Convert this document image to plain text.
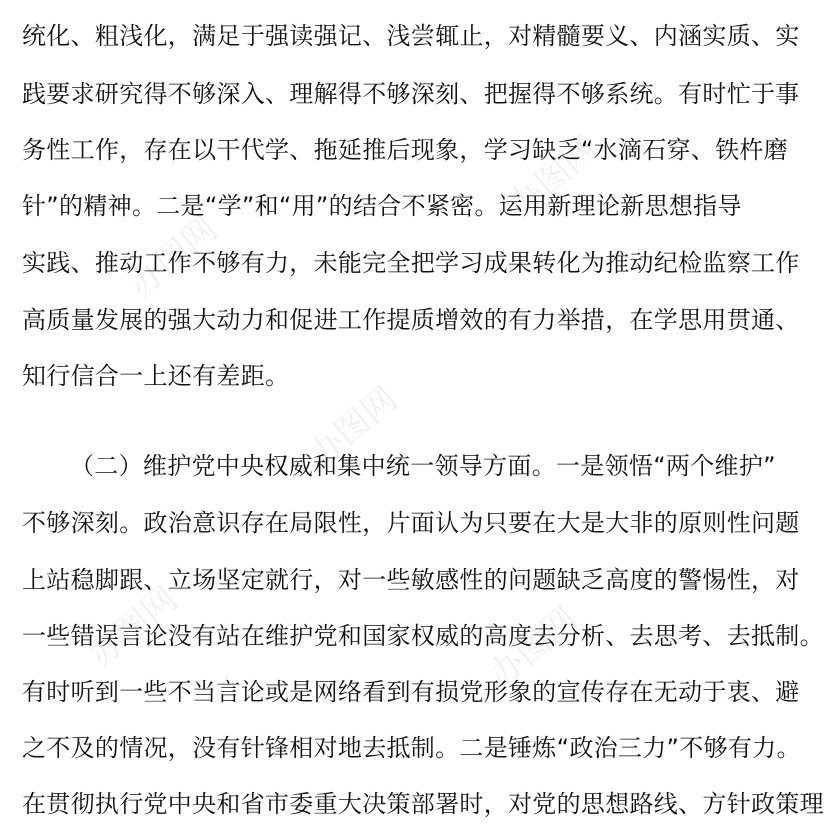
办图网
办图网
办图网
办图网	办图网
统化、粗浅化，满足于强读强记、浅尝辄止，对精髓要义、内涵实质、实
践要求研究得不够深入、理解得不够深刻、把握得不够系统。有时忙于事
务性工作，存在以干代学、拖延推后现象，学习缺乏“水滴石穿、铁杵磨
针”的精神。二是“学”和“用”的结合不紧密。运用新理论新思想指导
实践、推动工作不够有力，未能完全把学习成果转化为推动纪检监察工作
高质量发展的强大动力和促进工作提质增效的有力举措，在学思用贯通、
知行信合一上还有差距。
（二）维护党中央权威和集中统一领导方面。一是领悟“两个维护”
不够深刻。政治意识存在局限性，片面认为只要在大是大非的原则性问题
上站稳脚跟、立场坚定就行，对一些敏感性的问题缺乏高度的警惕性，对
一些错误言论没有站在维护党和国家权威的高度去分析、去思考、去抵制。
有时听到一些不当言论或是网络看到有损党形象的宣传存在无动于衷、避
之不及的情况，没有针锋相对地去抵制。二是锤炼“政治三力”不够有力。
在贯彻执行党中央和省市委重大决策部署时，对党的思想路线、方针政策理
